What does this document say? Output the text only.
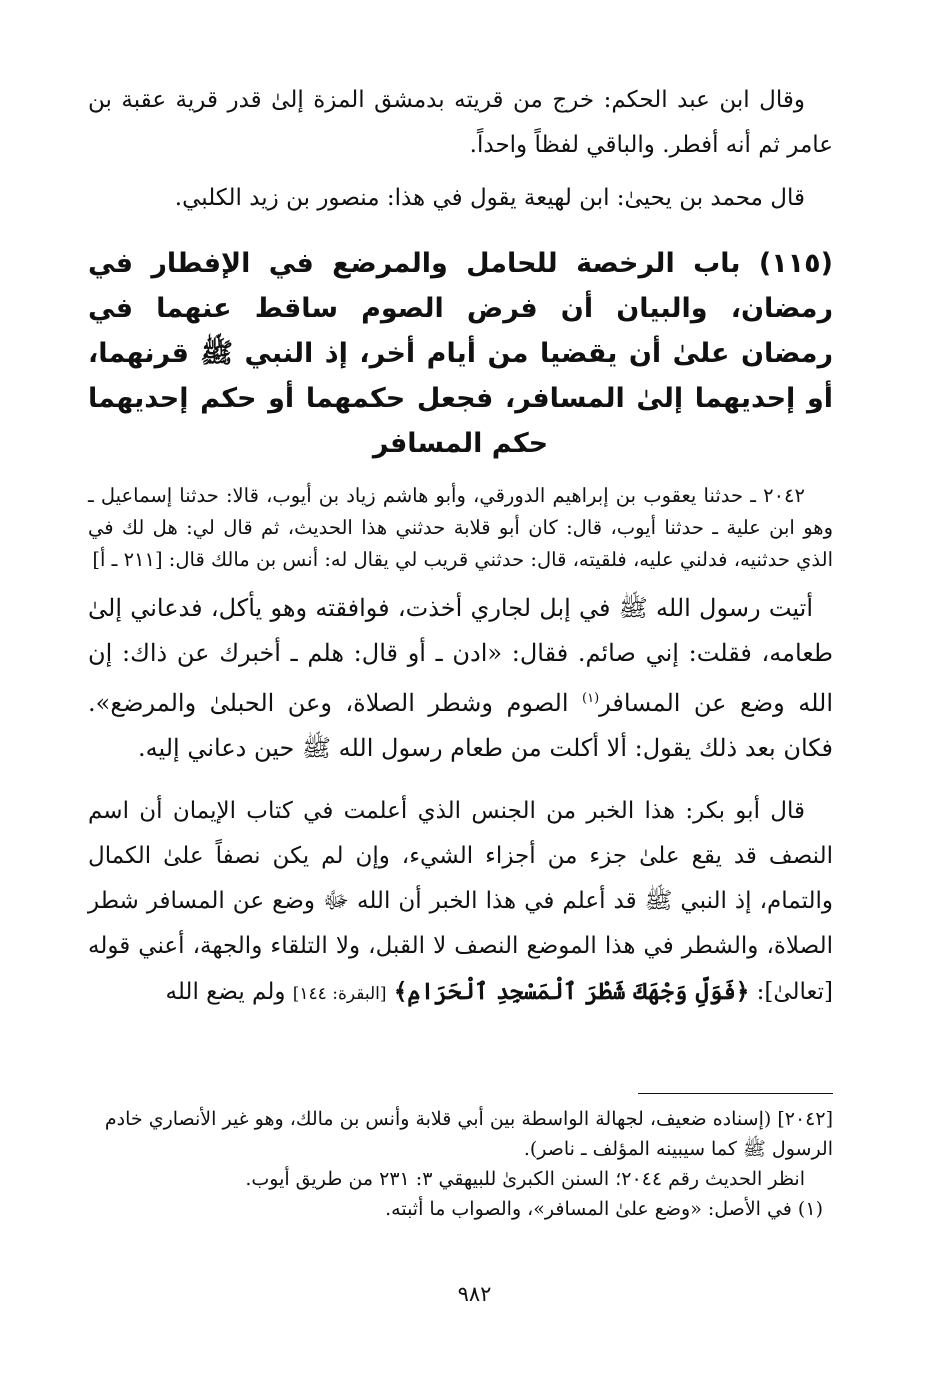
وقال ابن عبد الحكم: خرج من قريته بدمشق المزة إلىٰ قدر قرية عقبة بن عامر ثم أنه أفطر. والباقي لفظاً واحداً.

قال محمد بن يحيىٰ: ابن لهيعة يقول في هذا: منصور بن زيد الكلبي.

(١١٥) باب الرخصة للحامل والمرضع في الإفطار في رمضان، والبيان أن فرض الصوم ساقط عنهما في رمضان علىٰ أن يقضيا من أيام أخر، إذ النبي ﷺ قرنهما، أو إحديهما إلىٰ المسافر، فجعل حكمهما أو حكم إحديهما حكم المسافر

٢٠٤٢ ـ حدثنا يعقوب بن إبراهيم الدورقي، وأبو هاشم زياد بن أيوب، قالا: حدثنا إسماعيل ـ وهو ابن علية ـ حدثنا أيوب، قال: كان أبو قلابة حدثني هذا الحديث، ثم قال لي: هل لك في الذي حدثنيه، فدلني عليه، فلقيته، قال: حدثني قريب لي يقال له: أنس بن مالك قال: [٢١١ ـ أ]

أتيت رسول الله ﷺ في إبل لجاري أخذت، فوافقته وهو يأكل، فدعاني إلىٰ طعامه، فقلت: إني صائم. فقال: «ادن ـ أو قال: هلم ـ أخبرك عن ذاك: إن الله وضع عن المسافر$^{(١)}$ الصوم وشطر الصلاة، وعن الحبلىٰ والمرضع». فكان بعد ذلك يقول: ألا أكلت من طعام رسول الله ﷺ حين دعاني إليه.

قال أبو بكر: هذا الخبر من الجنس الذي أعلمت في كتاب الإيمان أن اسم النصف قد يقع علىٰ جزء من أجزاء الشيء، وإن لم يكن نصفاً علىٰ الكمال والتمام، إذ النبي ﷺ قد أعلم في هذا الخبر أن الله ﷻ وضع عن المسافر شطر الصلاة، والشطر في هذا الموضع النصف لا القبل، ولا التلقاء والجهة، أعني قوله [تعالىٰ]: ﴿فَوَلِّ وَجْهَكَ شَطْرَ ٱلْمَسْجِدِ ٱلْحَرَامِ﴾ [البقرة: ١٤٤] ولم يضع الله

[٢٠٤٢] (إسناده ضعيف، لجهالة الواسطة بين أبي قلابة وأنس بن مالك، وهو غير الأنصاري خادم الرسول ﷺ كما سيبينه المؤلف ـ ناصر).

انظر الحديث رقم ٢٠٤٤؛ السنن الكبرىٰ للبيهقي ٣: ٢٣١ من طريق أيوب.

(١) في الأصل: «وضع علىٰ المسافر»، والصواب ما أثبته.

٩٨٢
